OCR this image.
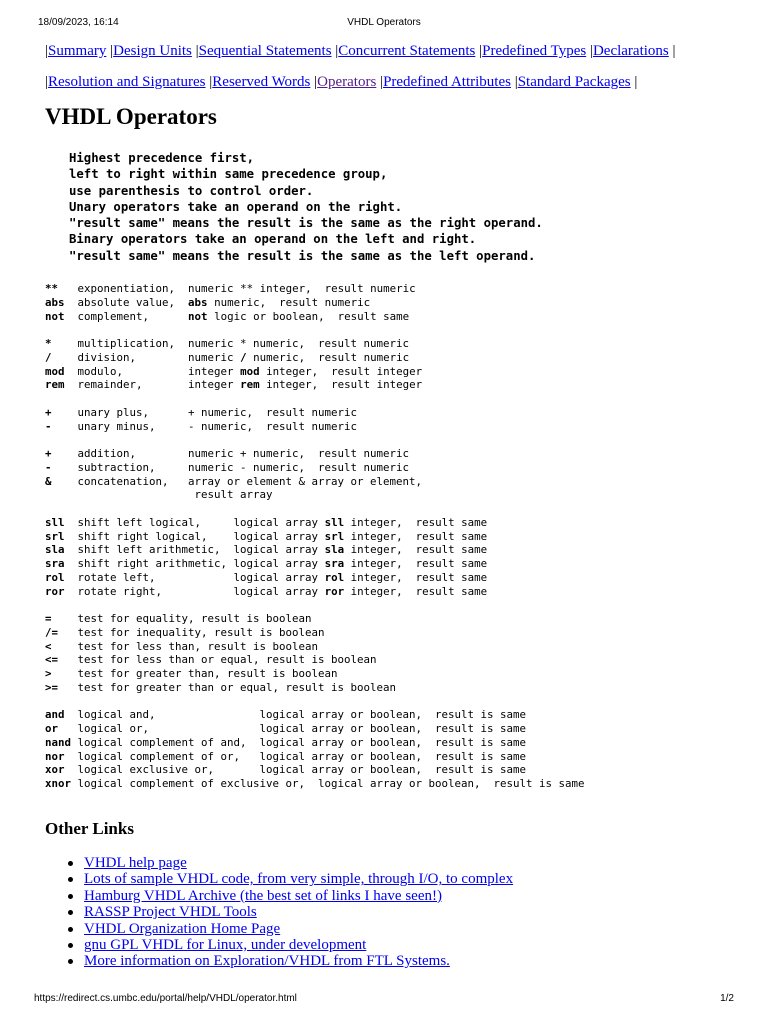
18/09/2023, 16:14	VHDL Operators
|Summary |Design Units |Sequential Statements |Concurrent Statements |Predefined Types |Declarations |
|Resolution and Signatures |Reserved Words |Operators |Predefined Attributes |Standard Packages |
VHDL Operators
Highest precedence first,
left to right within same precedence group,
use parenthesis to control order.
Unary operators take an operand on the right.
"result same" means the result is the same as the right operand.
Binary operators take an operand on the left and right.
"result same" means the result is the same as the left operand.
** exponentiation,  numeric ** integer,  result numeric
abs absolute value,  abs numeric,  result numeric
not complement,      not logic or boolean,  result same
* multiplication,  numeric * numeric,  result numeric
/ division,        numeric / numeric,  result numeric
mod modulo,          integer mod integer,  result integer
rem remainder,       integer rem integer,  result integer
+ unary plus,      + numeric,  result numeric
- unary minus,     - numeric,  result numeric
+ addition,        numeric + numeric,  result numeric
- subtraction,     numeric - numeric,  result numeric
& concatenation,   array or element & array or element,
result array
sll shift left logical,     logical array sll integer,  result same
srl shift right logical,    logical array srl integer,  result same
sla shift left arithmetic,  logical array sla integer,  result same
sra shift right arithmetic, logical array sra integer,  result same
rol rotate left,            logical array rol integer,  result same
ror rotate right,           logical array ror integer,  result same
= test for equality, result is boolean
/= test for inequality, result is boolean
< test for less than, result is boolean
<= test for less than or equal, result is boolean
> test for greater than, result is boolean
>= test for greater than or equal, result is boolean
and logical and,                logical array or boolean,  result is same
or logical or,                 logical array or boolean,  result is same
nand logical complement of and,  logical array or boolean,  result is same
nor logical complement of or,   logical array or boolean,  result is same
xor logical exclusive or,       logical array or boolean,  result is same
xnor logical complement of exclusive or,  logical array or boolean,  result is same
Other Links
VHDL help page
Lots of sample VHDL code, from very simple, through I/O, to complex
Hamburg VHDL Archive (the best set of links I have seen!)
RASSP Project VHDL Tools
VHDL Organization Home Page
gnu GPL VHDL for Linux, under development
More information on Exploration/VHDL from FTL Systems.
https://redirect.cs.umbc.edu/portal/help/VHDL/operator.html	1/2
